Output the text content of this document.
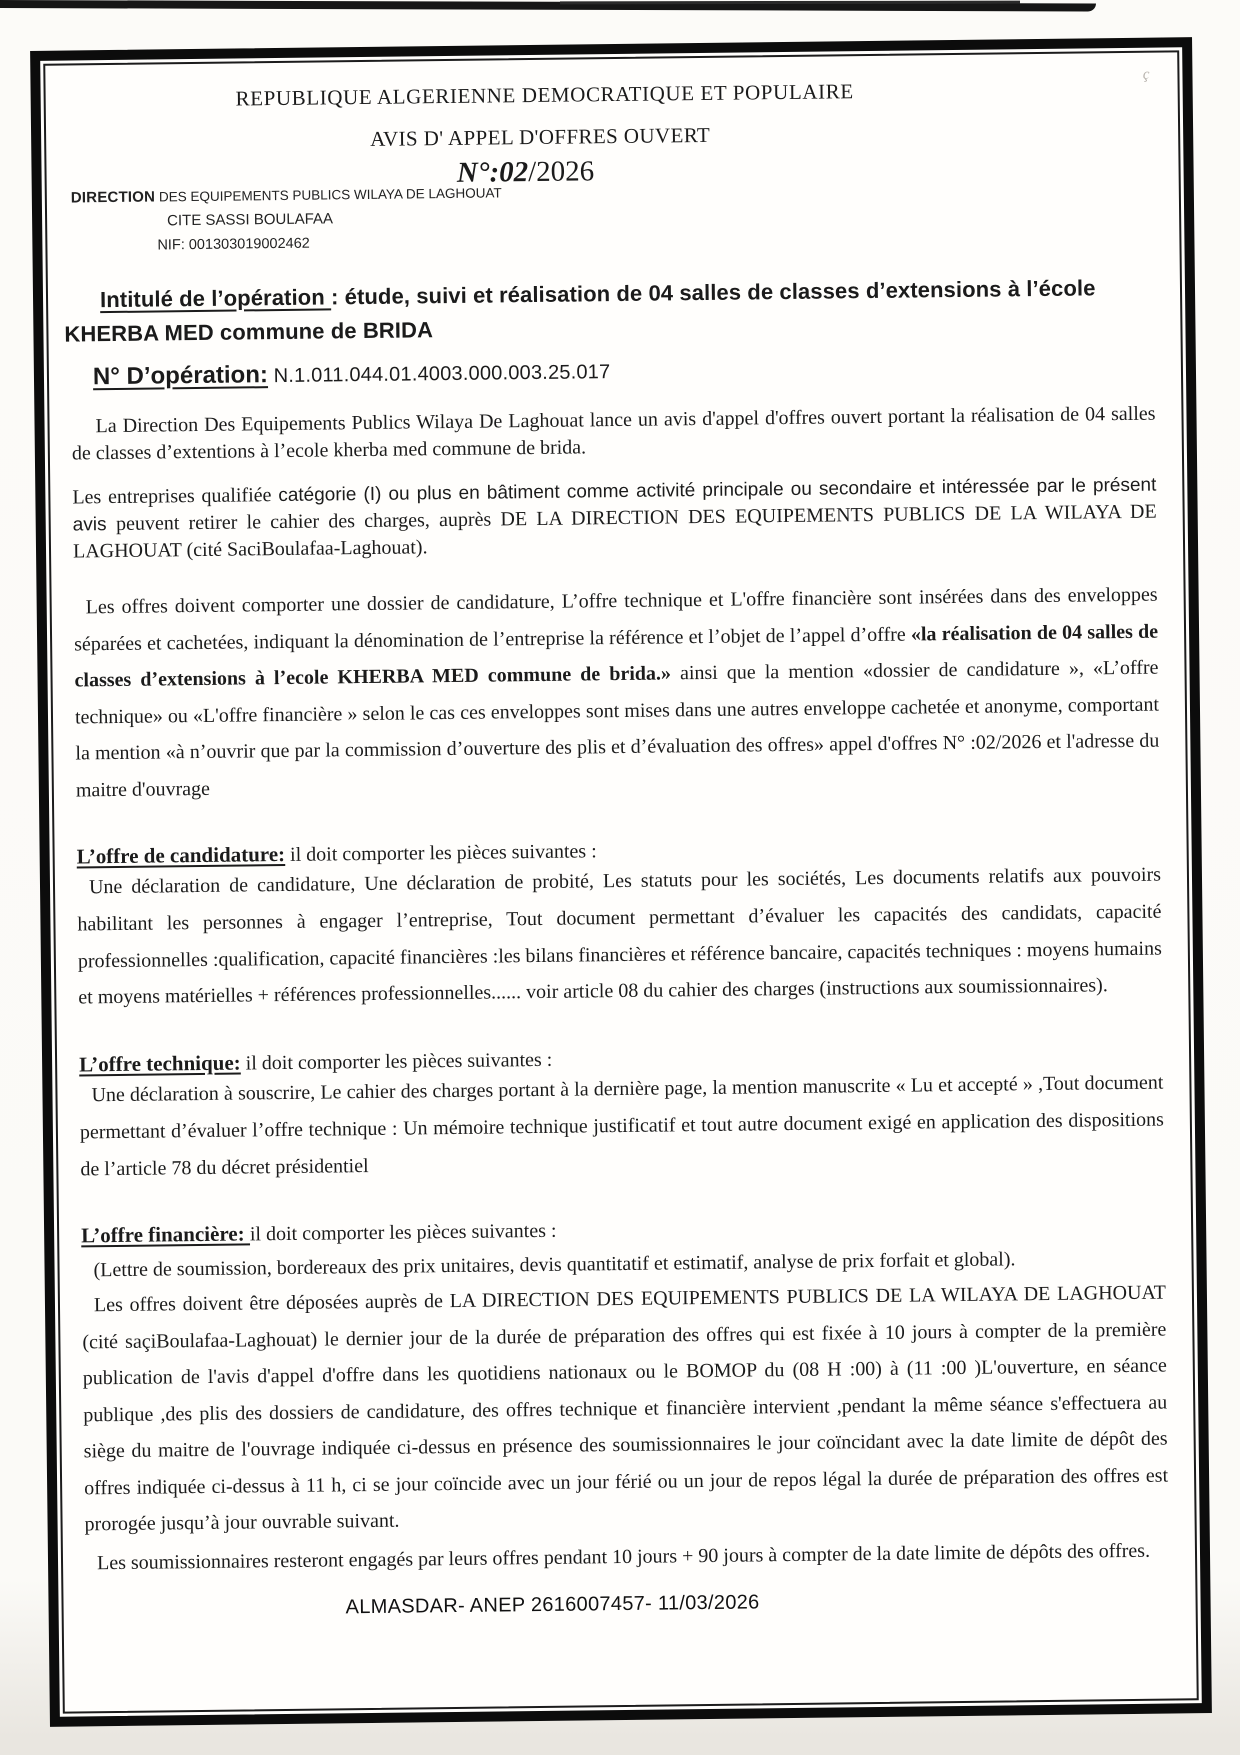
ç
REPUBLIQUE ALGERIENNE DEMOCRATIQUE ET POPULAIRE
AVIS D' APPEL D'OFFRES OUVERT
N°:02/2026
DIRECTION DES EQUIPEMENTS PUBLICS WILAYA DE LAGHOUAT
CITE SASSI BOULAFAA
NIF: 001303019002462
Intitulé de l’opération : étude, suivi et réalisation de 04 salles de classes d’extensions à l’école KHERBA MED commune de BRIDA
N° D’opération: N.1.011.044.01.4003.000.003.25.017

La Direction Des Equipements Publics Wilaya De Laghouat lance un avis d'appel d'offres ouvert portant la réalisation de 04 salles de classes d’extentions à l’ecole kherba med commune de brida.

Les entreprises qualifiée catégorie (I) ou plus en bâtiment comme activité principale ou secondaire et intéressée par le présent avis peuvent retirer le cahier des charges, auprès DE LA DIRECTION DES EQUIPEMENTS PUBLICS DE LA WILAYA DE LAGHOUAT (cité SaciBoulafaa-Laghouat).

Les offres doivent comporter une dossier de candidature, L’offre technique et L'offre financière sont insérées dans des enveloppes séparées et cachetées, indiquant la dénomination de l’entreprise la référence et l’objet de l’appel d’offre «la réalisation de 04 salles de classes d’extensions à l’ecole KHERBA MED commune de brida.» ainsi que la mention «dossier de candidature », «L’offre technique» ou «L'offre financière » selon le cas ces enveloppes sont mises dans une autres enveloppe cachetée et anonyme, comportant la mention «à n’ouvrir que par la commission d’ouverture des plis et d’évaluation des offres» appel d'offres N° :02/2026 et l'adresse du maitre d'ouvrage

L’offre de candidature: il doit comporter les pièces suivantes :

Une déclaration de candidature, Une déclaration de probité, Les statuts pour les sociétés, Les documents relatifs aux pouvoirs habilitant les personnes à engager l’entreprise, Tout document permettant d’évaluer les capacités des candidats, capacité professionnelles :qualification, capacité financières :les bilans financières et référence bancaire, capacités techniques : moyens humains et moyens matérielles + références professionnelles...... voir article 08 du cahier des charges (instructions aux soumissionnaires).

L’offre technique: il doit comporter les pièces suivantes :

Une déclaration à souscrire, Le cahier des charges portant à la dernière page, la mention manuscrite « Lu et accepté » ,Tout document permettant d’évaluer l’offre technique : Un mémoire technique justificatif et tout autre document exigé en application des dispositions de l’article 78 du décret présidentiel

L’offre financière: il doit comporter les pièces suivantes :

(Lettre de soumission, bordereaux des prix unitaires, devis quantitatif et estimatif, analyse de prix forfait et global).

Les offres doivent être déposées auprès de LA DIRECTION DES EQUIPEMENTS PUBLICS DE LA WILAYA DE LAGHOUAT (cité saçiBoulafaa-Laghouat) le dernier jour de la durée de préparation des offres qui est fixée à 10 jours à compter de la première publication de l'avis d'appel d'offre dans les quotidiens nationaux ou le BOMOP du (08 H :00) à (11 :00 )L'ouverture, en séance publique ,des plis des dossiers de candidature, des offres technique et financière intervient ,pendant la même séance s'effectuera au siège du maitre de l'ouvrage indiquée ci-dessus en présence des soumissionnaires le jour coïncidant avec la date limite de dépôt des offres indiquée ci-dessus à 11 h, ci se jour coïncide avec un jour férié ou un jour de repos légal la durée de préparation des offres est prorogée jusqu’à jour ouvrable suivant.

Les soumissionnaires resteront engagés par leurs offres pendant 10 jours + 90 jours à compter de la date limite de dépôts des offres.

ALMASDAR- ANEP 2616007457- 11/03/2026
